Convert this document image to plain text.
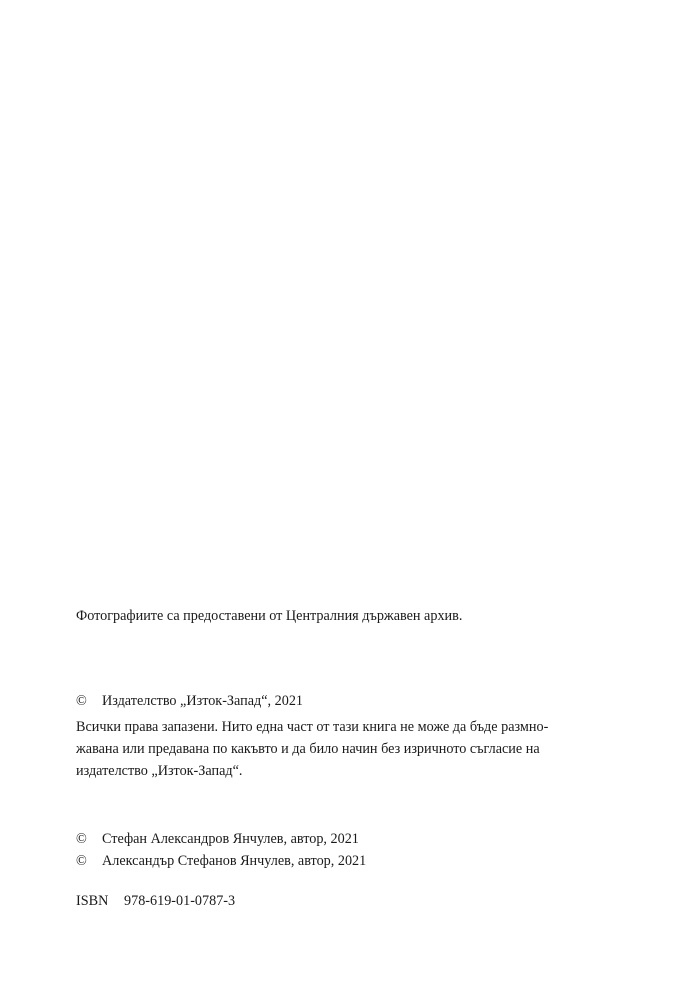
Фотографиите са предоставени от Централния държавен архив.
© Издателство „Изток-Запад“, 2021
Всички права запазени. Нито една част от тази книга не може да бъде размно-
жавана или предавана по какъвто и да било начин без изричното съгласие на
издателство „Изток-Запад“.
© Стефан Александров Янчулев, автор, 2021
© Александър Стефанов Янчулев, автор, 2021
ISBN 978-619-01-0787-3
